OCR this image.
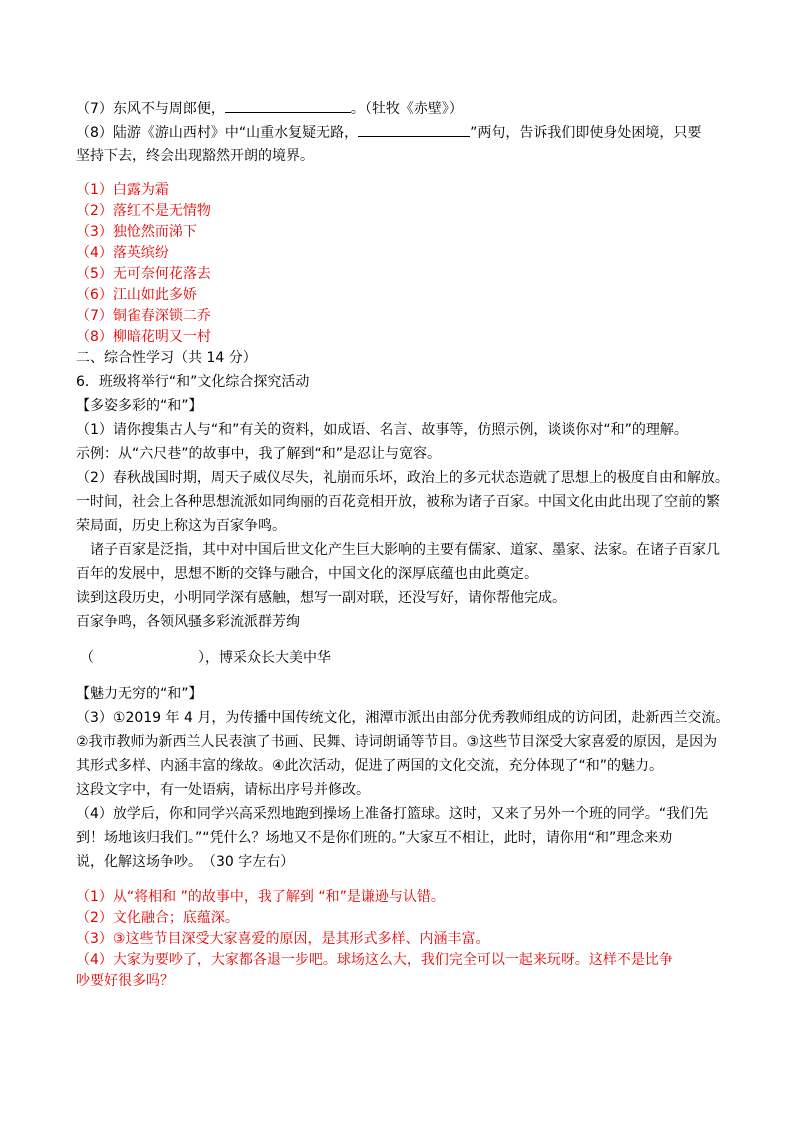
（7）东风不与周郎便，	。（牡牧《赤壁》）
（8）陆游《游山西村》中“山重水复疑无路，	”两句，告诉我们即使身处困境，只要
坚持下去，终会出现豁然开朗的境界。
（1）白露为霜
（2）落红不是无情物
（3）独怆然而涕下
（4）落英缤纷
（5）无可奈何花落去
（6）江山如此多娇
（7）铜雀春深锁二乔
（8）柳暗花明又一村
二、综合性学习（共 14 分）
6．班级将举行“和”文化综合探究活动
【多姿多彩的“和”】
（1）请你搜集古人与“和”有关的资料，如成语、名言、故事等，仿照示例，谈谈你对“和”的理解。
示例：从“六尺巷”的故事中，我了解到“和”是忍让与宽容。
（2）春秋战国时期，周天子威仪尽失，礼崩而乐坏，政治上的多元状态造就了思想上的极度自由和解放。
一时间，社会上各种思想流派如同绚丽的百花竞相开放，被称为诸子百家。中国文化由此出现了空前的繁
荣局面，历史上称这为百家争鸣。
诸子百家是泛指，其中对中国后世文化产生巨大影响的主要有儒家、道家、墨家、法家。在诸子百家几
百年的发展中，思想不断的交锋与融合，中国文化的深厚底蕴也由此奠定。
读到这段历史，小明同学深有感触，想写一副对联，还没写好，请你帮他完成。
百家争鸣，各领风骚多彩流派群芳绚
（	），博采众长大美中华
【魅力无穷的“和”】
（3）①2019 年 4 月，为传播中国传统文化，湘潭市派出由部分优秀教师组成的访问团，赴新西兰交流。
②我市教师为新西兰人民表演了书画、民舞、诗词朗诵等节目。③这些节目深受大家喜爱的原因，是因为
其形式多样、内涵丰富的缘故。④此次活动，促进了两国的文化交流，充分体现了“和”的魅力。
这段文字中，有一处语病，请标出序号并修改。
（4）放学后，你和同学兴高采烈地跑到操场上准备打篮球。这时，又来了另外一个班的同学。“我们先
到！场地该归我们。”“凭什么？场地又不是你们班的。”大家互不相让，此时，请你用“和”理念来劝
说，化解这场争吵。　（30 字左右）
（1）从“将相和 ”的故事中，我了解到 “和”是谦逊与认错。
（2）文化融合；底蕴深。
（3）③这些节目深受大家喜爱的原因，是其形式多样、内涵丰富。
（4）大家为要吵了，大家都各退一步吧。球场这么大，我们完全可以一起来玩呀。这样不是比争
吵要好很多吗？
